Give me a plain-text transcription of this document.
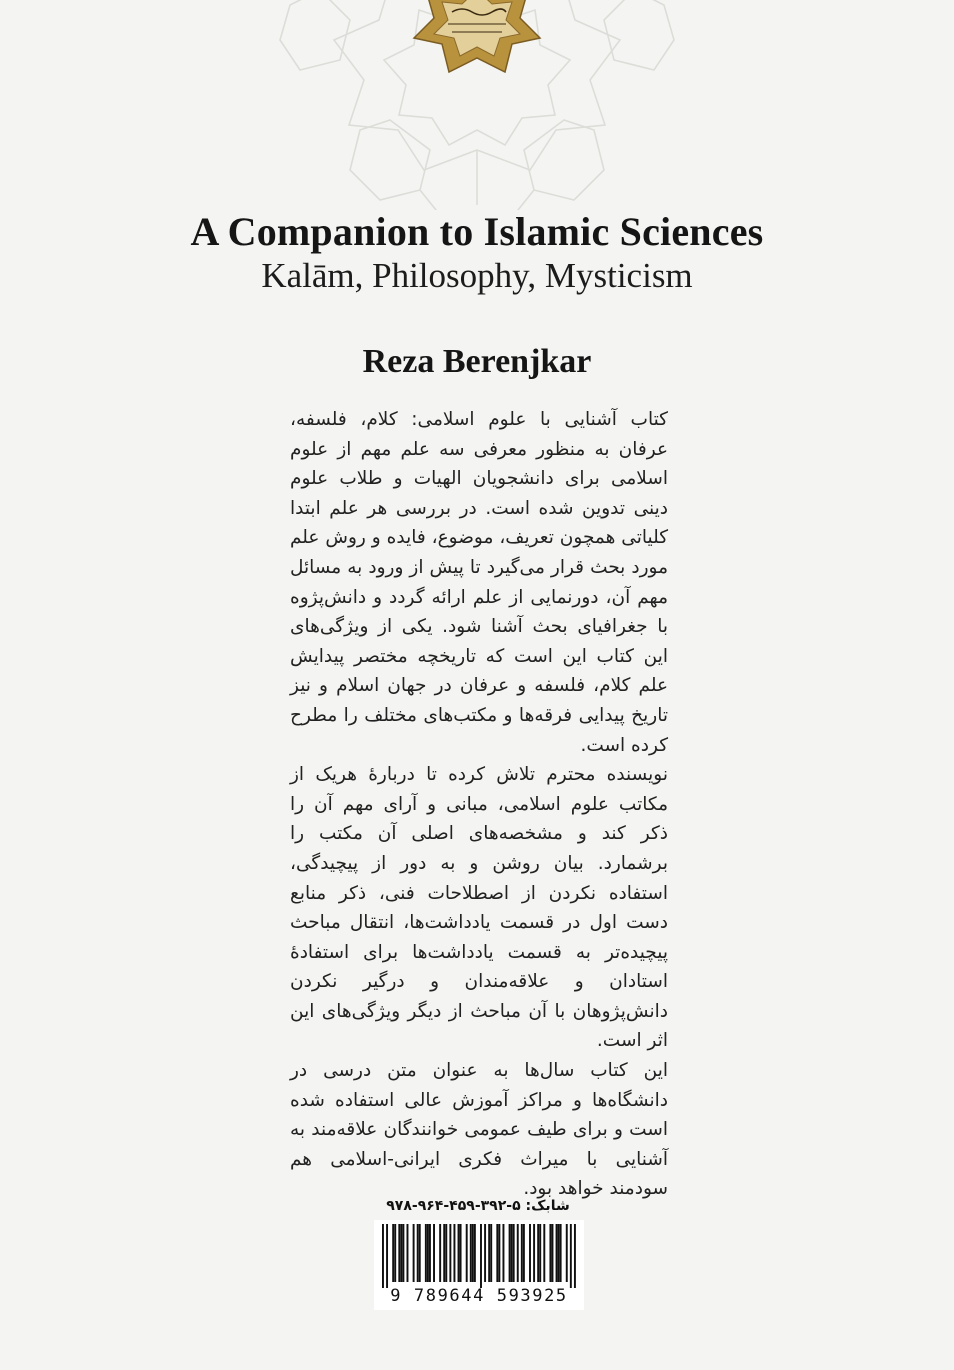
A Companion to Islamic Sciences
Kalām, Philosophy, Mysticism
Reza Berenjkar

کتاب آشنایی با علوم اسلامی: کلام، فلسفه، عرفان به منظور معرفی سه علم مهم از علوم اسلامی برای دانشجویان الهیات و طلاب علوم دینی تدوین شده است. در بررسی هر علم ابتدا کلیاتی همچون تعریف، موضوع، فایده و روش علم مورد بحث قرار می‌گیرد تا پیش از ورود به مسائل مهم آن، دورنمایی از علم ارائه گردد و دانش‌پژوه با جغرافیای بحث آشنا شود. یکی از ویژگی‌های این کتاب این است که تاریخچه مختصر پیدایش علم کلام، فلسفه و عرفان در جهان اسلام و نیز تاریخ پیدایی فرقه‌ها و مکتب‌های مختلف را مطرح کرده است.

نویسنده محترم تلاش کرده تا دربارهٔ هریک از مکاتب علوم اسلامی، مبانی و آرای مهم آن را ذکر کند و مشخصه‌های اصلی آن مکتب را برشمارد. بیان روشن و به دور از پیچیدگی، استفاده نکردن از اصطلاحات فنی، ذکر منابع دست اول در قسمت یادداشت‌ها، انتقال مباحث پیچیده‌تر به قسمت یادداشت‌ها برای استفادهٔ استادان و علاقه‌مندان و درگیر نکردن دانش‌پژوهان با آن مباحث از دیگر ویژگی‌های این اثر است.

این کتاب سال‌ها به عنوان متن درسی در دانشگاه‌ها و مراکز آموزش عالی استفاده شده است و برای طیف عمومی خوانندگان علاقه‌مند به آشنایی با میراث فکری ایرانی-اسلامی هم سودمند خواهد بود.

شابک: ۵-۳۹۲-۴۵۹-۹۶۴-۹۷۸
9 789644 593925
